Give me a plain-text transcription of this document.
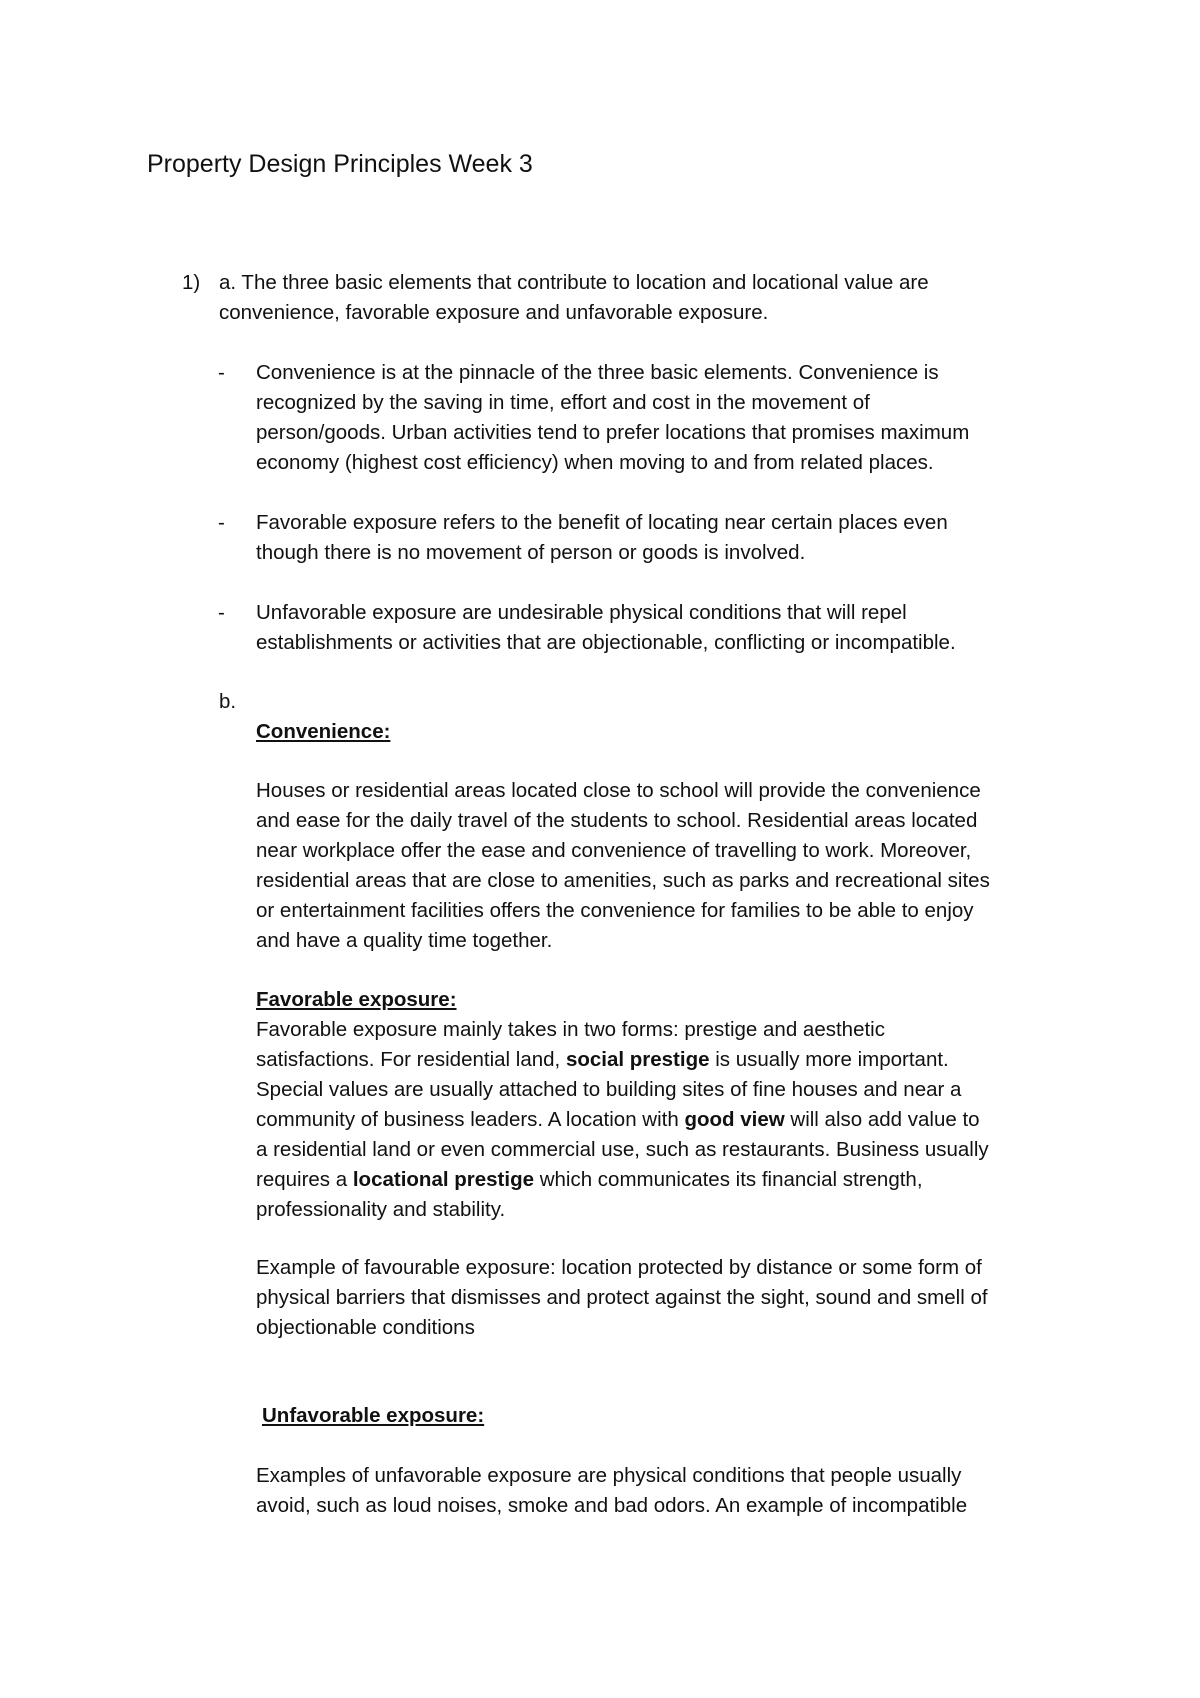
Property Design Principles Week 3
1) a. The three basic elements that contribute to location and locational value are
convenience, favorable exposure and unfavorable exposure.
- Convenience is at the pinnacle of the three basic elements. Convenience is
recognized by the saving in time, effort and cost in the movement of
person/goods. Urban activities tend to prefer locations that promises maximum
economy (highest cost efficiency) when moving to and from related places.
- Favorable exposure refers to the benefit of locating near certain places even
though there is no movement of person or goods is involved.
- Unfavorable exposure are undesirable physical conditions that will repel
establishments or activities that are objectionable, conflicting or incompatible.
b.
Convenience:
Houses or residential areas located close to school will provide the convenience
and ease for the daily travel of the students to school. Residential areas located
near workplace offer the ease and convenience of travelling to work. Moreover,
residential areas that are close to amenities, such as parks and recreational sites
or entertainment facilities offers the convenience for families to be able to enjoy
and have a quality time together.
Favorable exposure:
Favorable exposure mainly takes in two forms: prestige and aesthetic
satisfactions. For residential land, social prestige is usually more important.
Special values are usually attached to building sites of fine houses and near a
community of business leaders. A location with good view will also add value to
a residential land or even commercial use, such as restaurants. Business usually
requires a locational prestige which communicates its financial strength,
professionality and stability.
Example of favourable exposure: location protected by distance or some form of
physical barriers that dismisses and protect against the sight, sound and smell of
objectionable conditions
Unfavorable exposure:
Examples of unfavorable exposure are physical conditions that people usually
avoid, such as loud noises, smoke and bad odors. An example of incompatible
